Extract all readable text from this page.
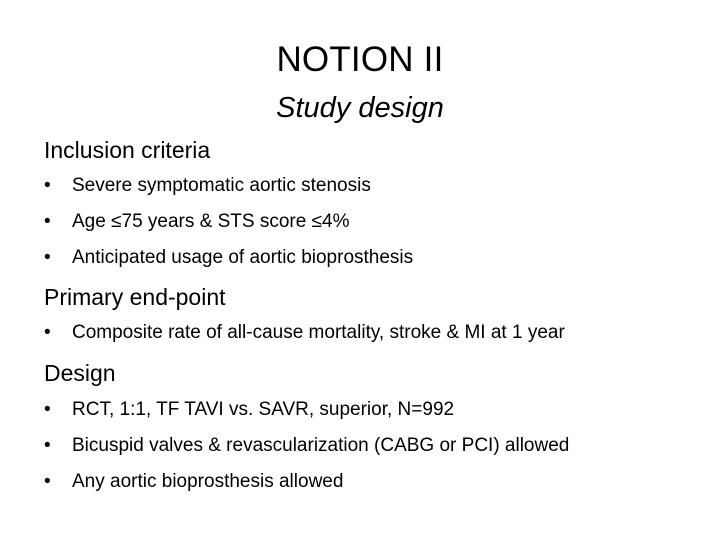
NOTION II
Study design
Inclusion criteria
• Severe symptomatic aortic stenosis
• Age ≤75 years & STS score ≤4%
• Anticipated usage of aortic bioprosthesis
Primary end-point
• Composite rate of all-cause mortality, stroke & MI at 1 year
Design
• RCT, 1:1, TF TAVI vs. SAVR, superior, N=992
• Bicuspid valves & revascularization (CABG or PCI) allowed
• Any aortic bioprosthesis allowed
